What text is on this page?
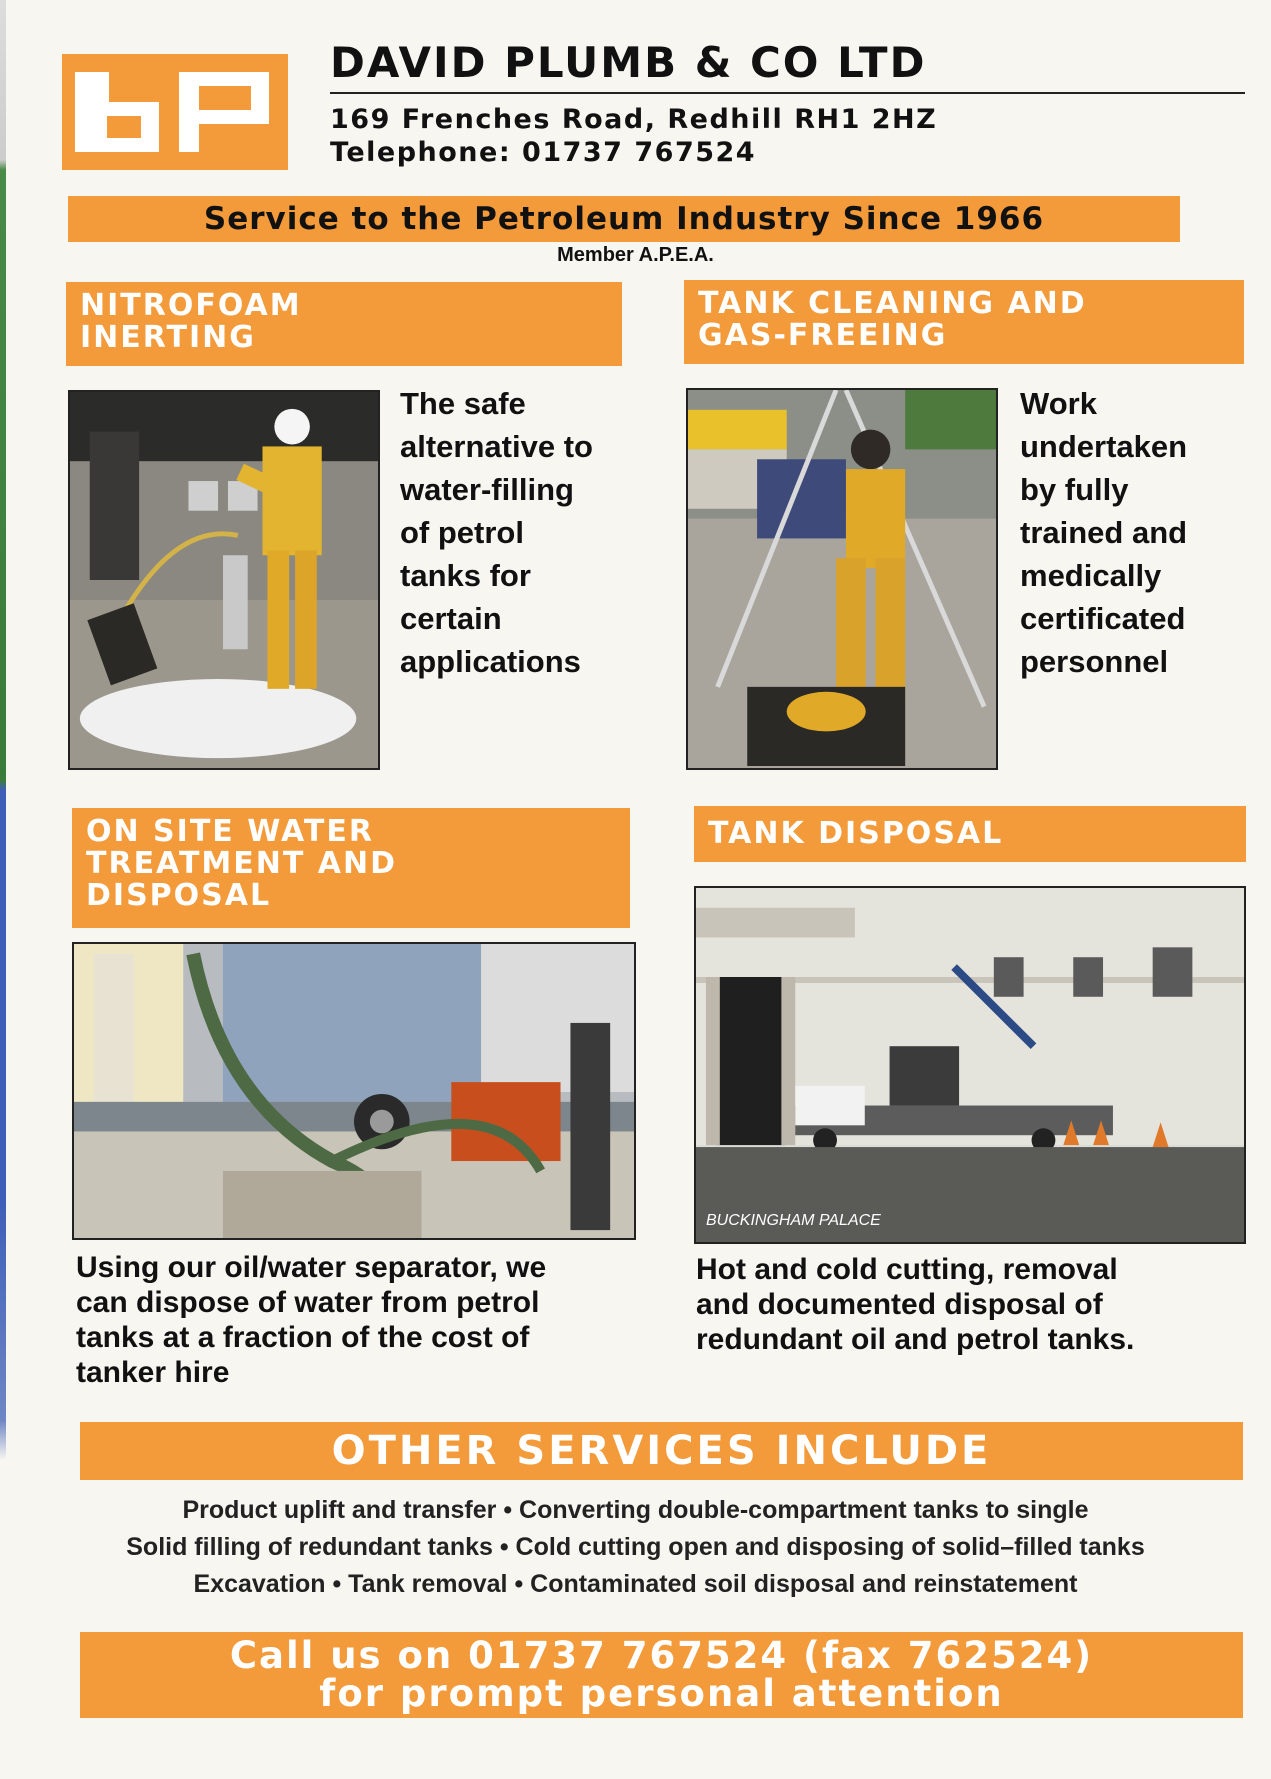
DAVID PLUMB & CO LTD
169 Frenches Road, Redhill RH1 2HZ
Telephone: 01737 767524
Service to the Petroleum Industry Since 1966
Member A.P.E.A.
NITROFOAM
INERTING
The safe
alternative to
water-filling
of petrol
tanks for
certain
applications
TANK CLEANING AND
GAS-FREEING
Work
undertaken
by fully
trained and
medically
certificated
personnel
ON SITE WATER
TREATMENT AND
DISPOSAL
Using our oil/water separator, we
can dispose of water from petrol
tanks at a fraction of the cost of
tanker hire
TANK DISPOSAL
BUCKINGHAM PALACE
Hot and cold cutting, removal
and documented disposal of
redundant oil and petrol tanks.
OTHER SERVICES INCLUDE
Product uplift and transfer • Converting double-compartment tanks to single
Solid filling of redundant tanks • Cold cutting open and disposing of solid–filled tanks
Excavation • Tank removal • Contaminated soil disposal and reinstatement
Call us on 01737 767524 (fax 762524)
for prompt personal attention
